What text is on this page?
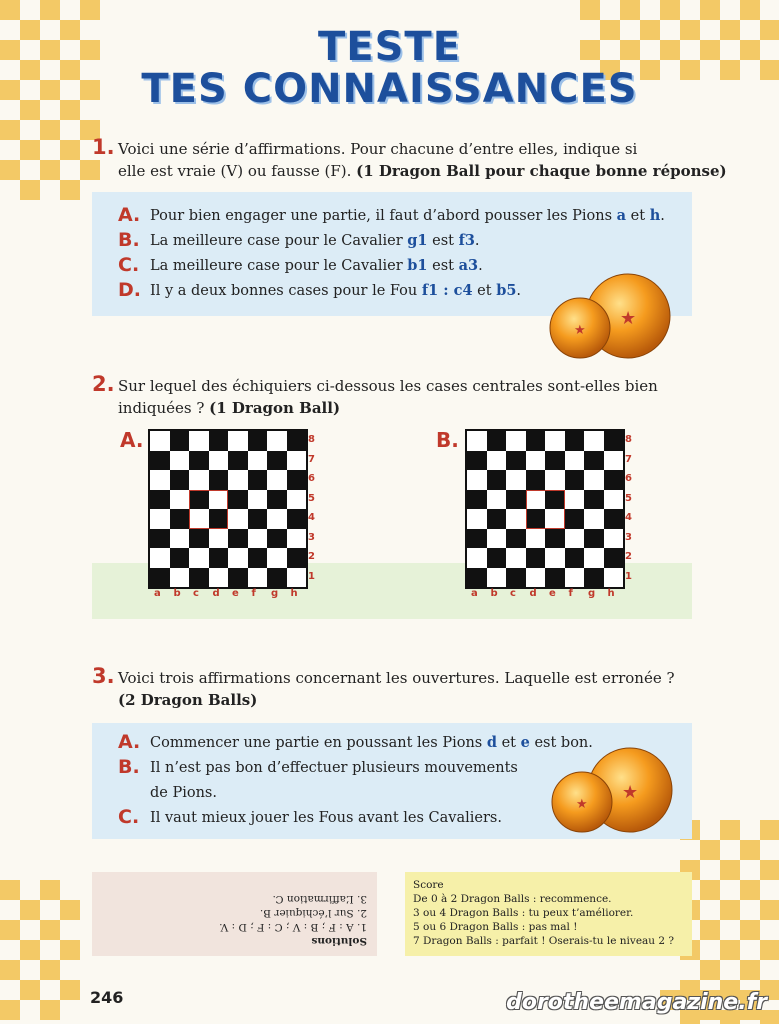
TESTE
TES CONNAISSANCES
1. Voici une série d’affirmations. Pour chacune d’entre elles, indique si
elle est vraie (V) ou fausse (F). (1 Dragon Ball pour chaque bonne réponse)
A. Pour bien engager une partie, il faut d’abord pousser les Pions a et h.
B. La meilleure case pour le Cavalier g1 est f3.
C. La meilleure case pour le Cavalier b1 est a3.
D. Il y a deux bonnes cases pour le Fou f1 : c4 et b5.
★
★
2. Sur lequel des échiquiers ci-dessous les cases centrales sont-elles bien
indiquées ? (1 Dragon Ball)
A.	B.
8
7
6
5
4
3
2
1
a b c d e f g h
8
7
6
5
4
3
2
1
a b c d e f g h
3. Voici trois affirmations concernant les ouvertures. Laquelle est erronée ?
(2 Dragon Balls)
A. Commencer une partie en poussant les Pions d et e est bon.
B. Il n’est pas bon d’effectuer plusieurs mouvements
de Pions.
C. Il vaut mieux jouer les Fous avant les Cavaliers.
★
★
Solutions
1. A : F ; B : V ; C : F ; D : V.
2. Sur l’échiquier B.
3. L’affirmation C.
Score
De 0 à 2 Dragon Balls : recommence.
3 ou 4 Dragon Balls : tu peux t’améliorer.
5 ou 6 Dragon Balls : pas mal !
7 Dragon Balls : parfait ! Oserais-tu le niveau 2 ?
246	dorotheemagazine.fr
